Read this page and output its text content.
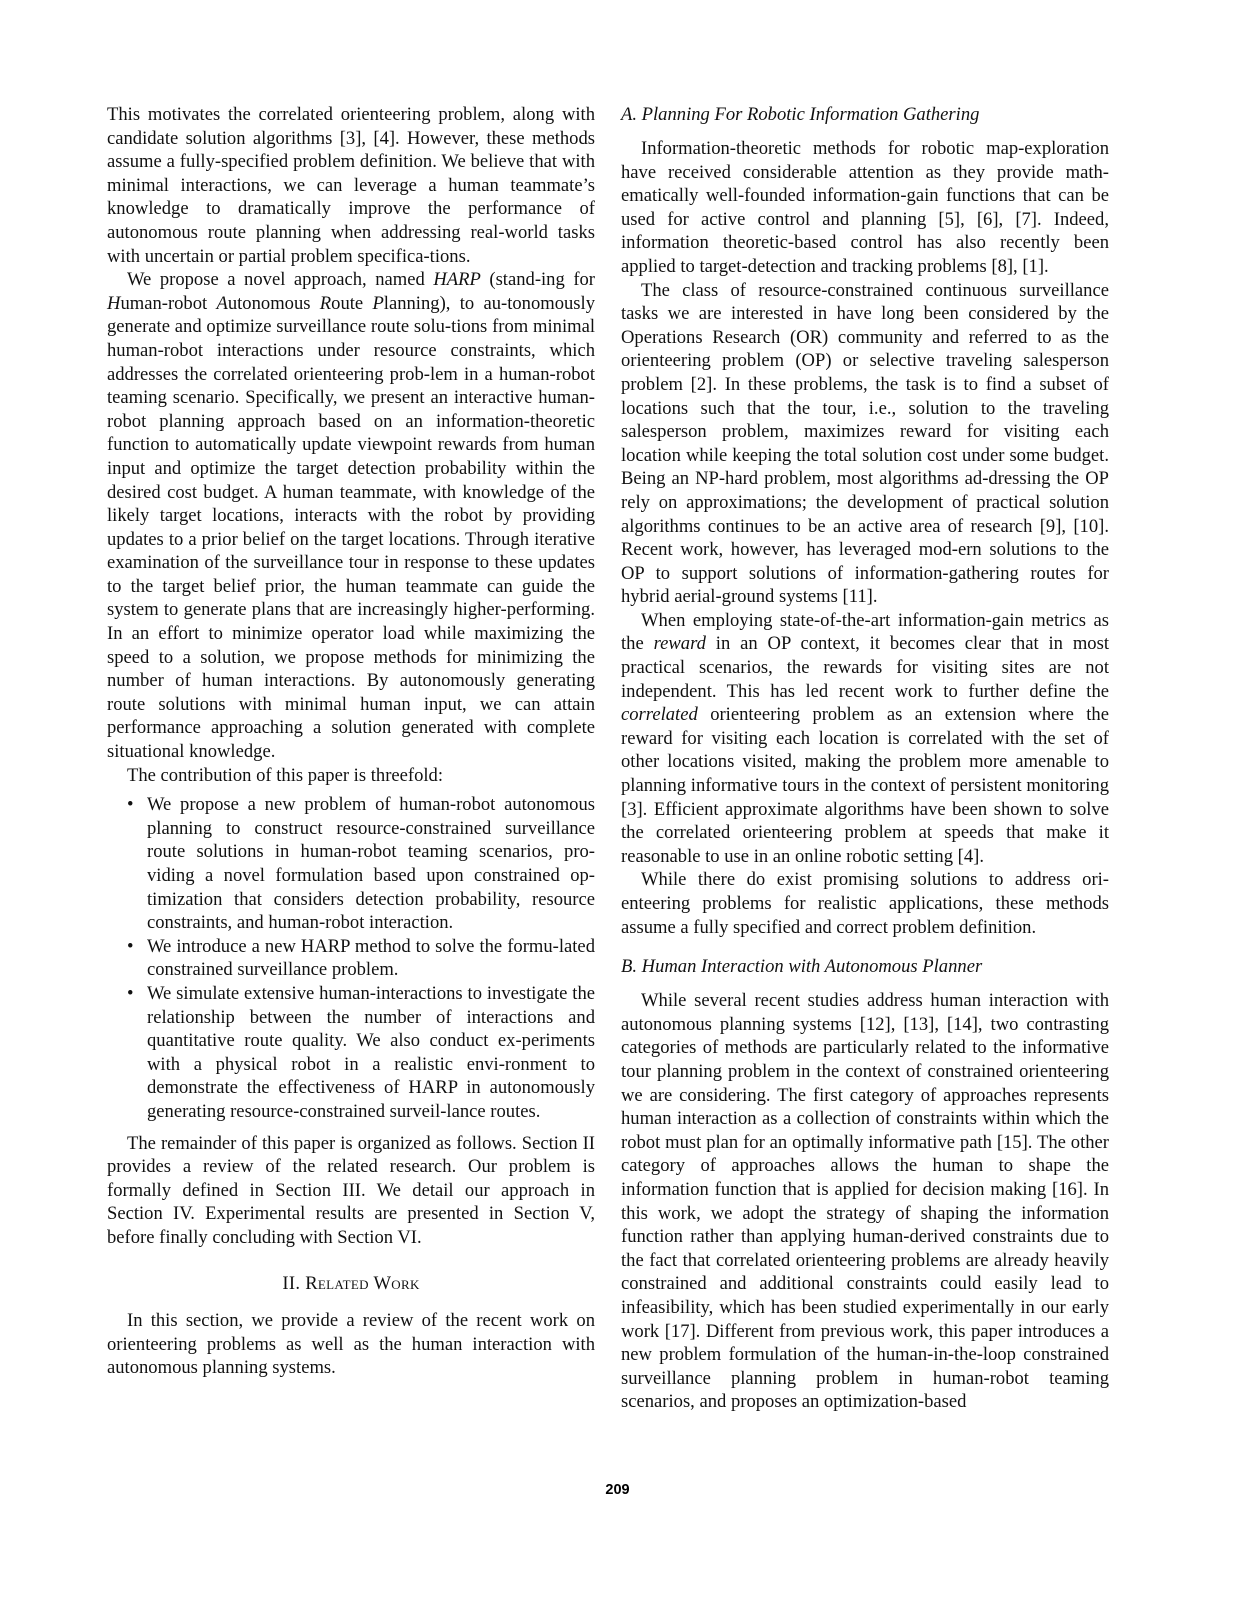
This motivates the correlated orienteering problem, along with candidate solution algorithms [3], [4]. However, these methods assume a fully-specified problem definition. We believe that with minimal interactions, we can leverage a human teammate’s knowledge to dramatically improve the performance of autonomous route planning when addressing real-world tasks with uncertain or partial problem specifica-tions.

We propose a novel approach, named HARP (stand-ing for Human-robot Autonomous Route Planning), to au-tonomously generate and optimize surveillance route solu-tions from minimal human-robot interactions under resource constraints, which addresses the correlated orienteering prob-lem in a human-robot teaming scenario. Specifically, we present an interactive human-robot planning approach based on an information-theoretic function to automatically update viewpoint rewards from human input and optimize the target detection probability within the desired cost budget. A human teammate, with knowledge of the likely target locations, interacts with the robot by providing updates to a prior belief on the target locations. Through iterative examination of the surveillance tour in response to these updates to the target belief prior, the human teammate can guide the system to generate plans that are increasingly higher-performing. In an effort to minimize operator load while maximizing the speed to a solution, we propose methods for minimizing the number of human interactions. By autonomously generating route solutions with minimal human input, we can attain performance approaching a solution generated with complete situational knowledge.

The contribution of this paper is threefold:

• We propose a new problem of human-robot autonomous planning to construct resource-constrained surveillance route solutions in human-robot teaming scenarios, pro-viding a novel formulation based upon constrained op-timization that considers detection probability, resource constraints, and human-robot interaction.
• We introduce a new HARP method to solve the formu-lated constrained surveillance problem.
• We simulate extensive human-interactions to investigate the relationship between the number of interactions and quantitative route quality. We also conduct ex-periments with a physical robot in a realistic envi-ronment to demonstrate the effectiveness of HARP in autonomously generating resource-constrained surveil-lance routes.

The remainder of this paper is organized as follows. Section II provides a review of the related research. Our problem is formally defined in Section III. We detail our approach in Section IV. Experimental results are presented in Section V, before finally concluding with Section VI.

II. Related Work

In this section, we provide a review of the recent work on orienteering problems as well as the human interaction with autonomous planning systems.

A. Planning For Robotic Information Gathering

Information-theoretic methods for robotic map-exploration have received considerable attention as they provide math-ematically well-founded information-gain functions that can be used for active control and planning [5], [6], [7]. Indeed, information theoretic-based control has also recently been applied to target-detection and tracking problems [8], [1].

The class of resource-constrained continuous surveillance tasks we are interested in have long been considered by the Operations Research (OR) community and referred to as the orienteering problem (OP) or selective traveling salesperson problem [2]. In these problems, the task is to find a subset of locations such that the tour, i.e., solution to the traveling salesperson problem, maximizes reward for visiting each location while keeping the total solution cost under some budget. Being an NP-hard problem, most algorithms ad-dressing the OP rely on approximations; the development of practical solution algorithms continues to be an active area of research [9], [10]. Recent work, however, has leveraged mod-ern solutions to the OP to support solutions of information-gathering routes for hybrid aerial-ground systems [11].

When employing state-of-the-art information-gain metrics as the reward in an OP context, it becomes clear that in most practical scenarios, the rewards for visiting sites are not independent. This has led recent work to further define the correlated orienteering problem as an extension where the reward for visiting each location is correlated with the set of other locations visited, making the problem more amenable to planning informative tours in the context of persistent monitoring [3]. Efficient approximate algorithms have been shown to solve the correlated orienteering problem at speeds that make it reasonable to use in an online robotic setting [4].

While there do exist promising solutions to address ori-enteering problems for realistic applications, these methods assume a fully specified and correct problem definition.

B. Human Interaction with Autonomous Planner

While several recent studies address human interaction with autonomous planning systems [12], [13], [14], two contrasting categories of methods are particularly related to the informative tour planning problem in the context of constrained orienteering we are considering. The first category of approaches represents human interaction as a collection of constraints within which the robot must plan for an optimally informative path [15]. The other category of approaches allows the human to shape the information function that is applied for decision making [16]. In this work, we adopt the strategy of shaping the information function rather than applying human-derived constraints due to the fact that correlated orienteering problems are already heavily constrained and additional constraints could easily lead to infeasibility, which has been studied experimentally in our early work [17]. Different from previous work, this paper introduces a new problem formulation of the human-in-the-loop constrained surveillance planning problem in human-robot teaming scenarios, and proposes an optimization-based

209
